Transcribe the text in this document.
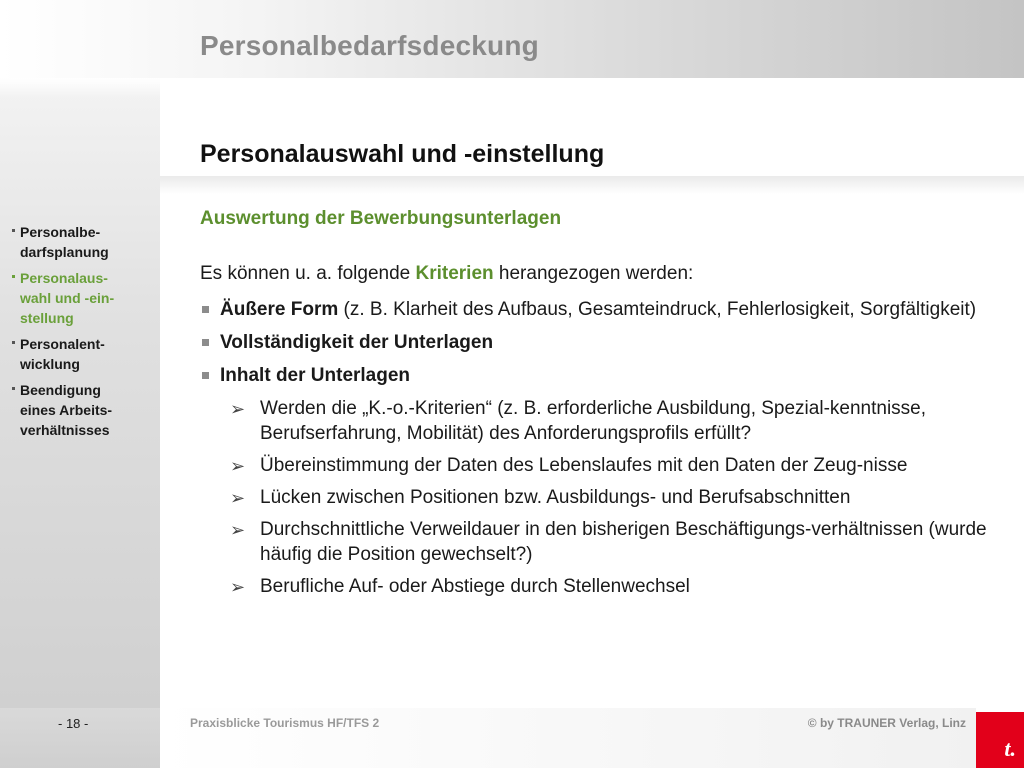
Personalbedarfsdeckung
Personalbe-
darfsplanung
Personalaus-
wahl und -ein-
stellung
Personalent-
wicklung
Beendigung
eines Arbeits-
verhältnisses
Personalauswahl und -einstellung
Auswertung der Bewerbungsunterlagen
Es können u. a. folgende Kriterien herangezogen werden:
Äußere Form (z. B. Klarheit des Aufbaus, Gesamteindruck, Fehlerlosigkeit, Sorgfältigkeit)
Vollständigkeit der Unterlagen
Inhalt der Unterlagen
➢ Werden die „K.-o.-Kriterien“ (z. B. erforderliche Ausbildung, Spezial-kenntnisse, Berufserfahrung, Mobilität) des Anforderungsprofils erfüllt?
➢ Übereinstimmung der Daten des Lebenslaufes mit den Daten der Zeug-nisse
➢ Lücken zwischen Positionen bzw. Ausbildungs- und Berufsabschnitten
➢ Durchschnittliche Verweildauer in den bisherigen Beschäftigungs-verhältnissen (wurde häufig die Position gewechselt?)
➢ Berufliche Auf- oder Abstiege durch Stellenwechsel
- 18 -	Praxisblicke Tourismus HF/TFS 2	© by TRAUNER Verlag, Linz
t.
